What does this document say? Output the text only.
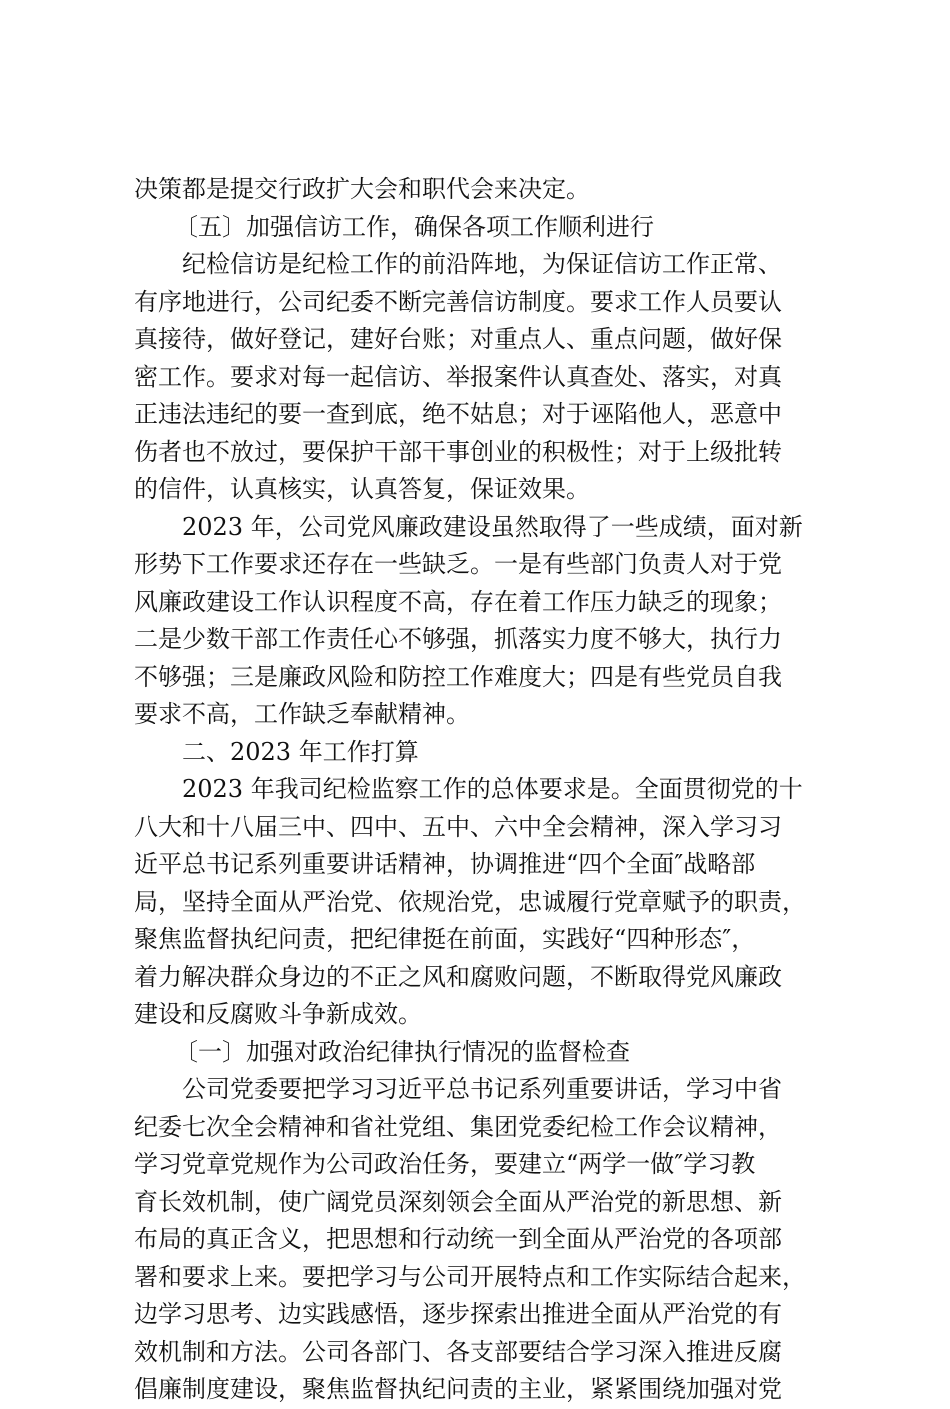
决策都是提交行政扩大会和职代会来决定。
〔五〕加强信访工作，确保各项工作顺利进行
纪检信访是纪检工作的前沿阵地，为保证信访工作正常、
有序地进行，公司纪委不断完善信访制度。要求工作人员要认
真接待，做好登记，建好台账；对重点人、重点问题，做好保
密工作。要求对每一起信访、举报案件认真查处、落实，对真
正违法违纪的要一查到底，绝不姑息；对于诬陷他人，恶意中
伤者也不放过，要保护干部干事创业的积极性；对于上级批转
的信件，认真核实，认真答复，保证效果。
2023 年，公司党风廉政建设虽然取得了一些成绩，面对新
形势下工作要求还存在一些缺乏。一是有些部门负责人对于党
风廉政建设工作认识程度不高，存在着工作压力缺乏的现象；
二是少数干部工作责任心不够强，抓落实力度不够大，执行力
不够强；三是廉政风险和防控工作难度大；四是有些党员自我
要求不高，工作缺乏奉献精神。
二、2023 年工作打算
2023 年我司纪检监察工作的总体要求是。全面贯彻党的十
八大和十八届三中、四中、五中、六中全会精神，深入学习习
近平总书记系列重要讲话精神，协调推进“四个全面″战略部
局，坚持全面从严治党、依规治党，忠诚履行党章赋予的职责，
聚焦监督执纪问责，把纪律挺在前面，实践好“四种形态″，
着力解决群众身边的不正之风和腐败问题，不断取得党风廉政
建设和反腐败斗争新成效。
〔一〕加强对政治纪律执行情况的监督检查
公司党委要把学习习近平总书记系列重要讲话，学习中省
纪委七次全会精神和省社党组、集团党委纪检工作会议精神，
学习党章党规作为公司政治任务，要建立“两学一做″学习教
育长效机制，使广阔党员深刻领会全面从严治党的新思想、新
布局的真正含义，把思想和行动统一到全面从严治党的各项部
署和要求上来。要把学习与公司开展特点和工作实际结合起来，
边学习思考、边实践感悟，逐步探索出推进全面从严治党的有
效机制和方法。公司各部门、各支部要结合学习深入推进反腐
倡廉制度建设，聚焦监督执纪问责的主业，紧紧围绕加强对党
